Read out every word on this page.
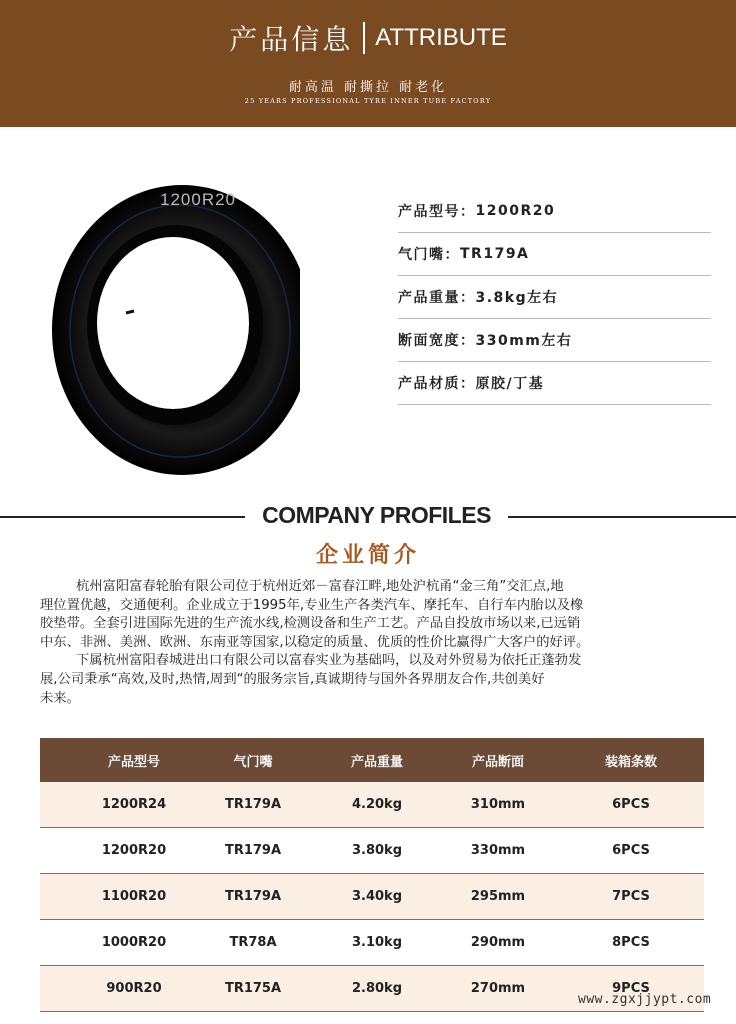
产品信息 ATTRIBUTE
耐高温 耐撕拉 耐老化
25 YEARS PROFESSIONAL TYRE INNER TUBE FACTORY
1200R20
产品型号： 1200R20
气门嘴： TR179A
产品重量： 3.8kg左右
断面宽度： 330mm左右
产品材质： 原胶/丁基
COMPANY PROFILES
企业简介
杭州富阳富春轮胎有限公司位于杭州近郊－富春江畔,地处沪杭甬“金三角”交汇点,地
理位置优越，交通便利。企业成立于1995年,专业生产各类汽车、摩托车、自行车内胎以及橡
胶垫带。全套引进国际先进的生产流水线,检测设备和生产工艺。产品自投放市场以来,已远销
中东、非洲、美洲、欧洲、东南亚等国家,以稳定的质量、优质的性价比赢得广大客户的好评。
下属杭州富阳春城进出口有限公司以富春实业为基础吗，以及对外贸易为依托正蓬勃发
展,公司秉承“高效,及时,热情,周到“的服务宗旨,真诚期待与国外各界朋友合作,共创美好
未来。
产品型号	气门嘴	产品重量	产品断面	装箱条数
1200R24	TR179A	4.20kg	310mm	6PCS
1200R20	TR179A	3.80kg	330mm	6PCS
1100R20	TR179A	3.40kg	295mm	7PCS
1000R20	TR78A	3.10kg	290mm	8PCS
900R20	TR175A	2.80kg	270mm	9PCS
www.zgxjjypt.com
